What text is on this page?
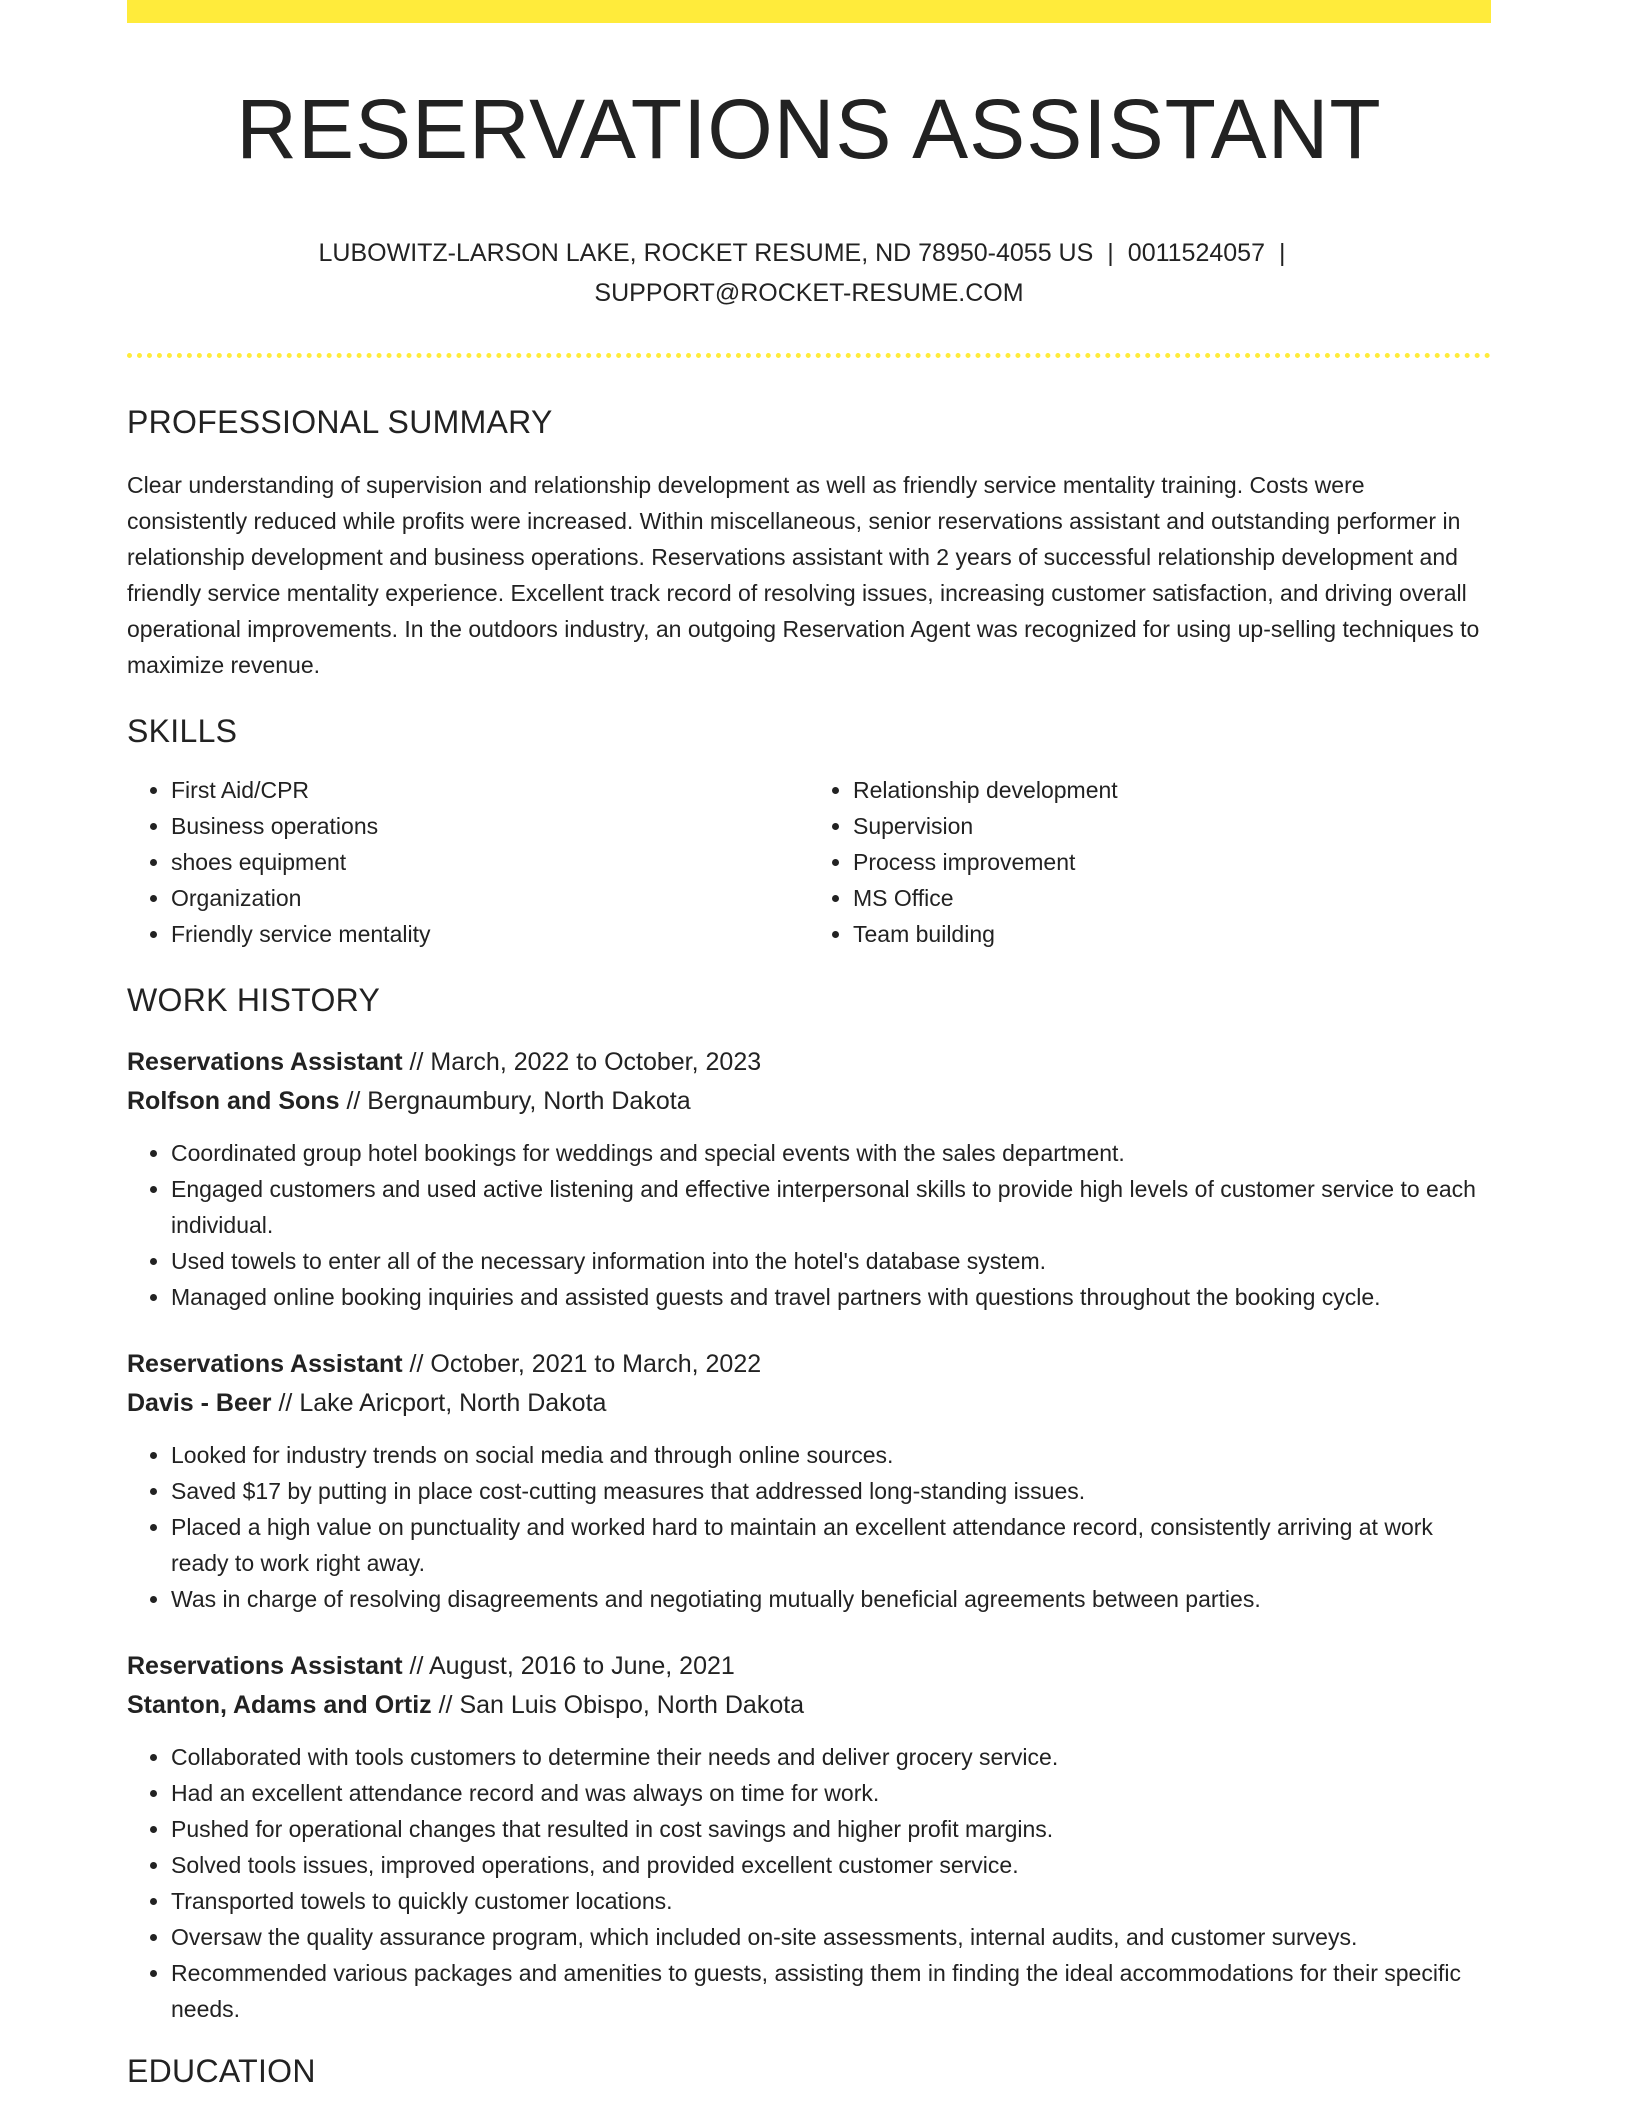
RESERVATIONS ASSISTANT
LUBOWITZ-LARSON LAKE, ROCKET RESUME, ND 78950-4055 US | 0011524057 |
SUPPORT@ROCKET-RESUME.COM
PROFESSIONAL SUMMARY
Clear understanding of supervision and relationship development as well as friendly service mentality training. Costs were consistently reduced while profits were increased. Within miscellaneous, senior reservations assistant and outstanding performer in relationship development and business operations. Reservations assistant with 2 years of successful relationship development and friendly service mentality experience. Excellent track record of resolving issues, increasing customer satisfaction, and driving overall operational improvements. In the outdoors industry, an outgoing Reservation Agent was recognized for using up-selling techniques to maximize revenue.
SKILLS
• First Aid/CPR
• Business operations
• shoes equipment
• Organization
• Friendly service mentality
• Relationship development
• Supervision
• Process improvement
• MS Office
• Team building
WORK HISTORY
Reservations Assistant // March, 2022 to October, 2023
Rolfson and Sons // Bergnaumbury, North Dakota
• Coordinated group hotel bookings for weddings and special events with the sales department.
• Engaged customers and used active listening and effective interpersonal skills to provide high levels of customer service to each individual.
• Used towels to enter all of the necessary information into the hotel's database system.
• Managed online booking inquiries and assisted guests and travel partners with questions throughout the booking cycle.
Reservations Assistant // October, 2021 to March, 2022
Davis - Beer // Lake Aricport, North Dakota
• Looked for industry trends on social media and through online sources.
• Saved $17 by putting in place cost-cutting measures that addressed long-standing issues.
• Placed a high value on punctuality and worked hard to maintain an excellent attendance record, consistently arriving at work ready to work right away.
• Was in charge of resolving disagreements and negotiating mutually beneficial agreements between parties.
Reservations Assistant // August, 2016 to June, 2021
Stanton, Adams and Ortiz // San Luis Obispo, North Dakota
• Collaborated with tools customers to determine their needs and deliver grocery service.
• Had an excellent attendance record and was always on time for work.
• Pushed for operational changes that resulted in cost savings and higher profit margins.
• Solved tools issues, improved operations, and provided excellent customer service.
• Transported towels to quickly customer locations.
• Oversaw the quality assurance program, which included on-site assessments, internal audits, and customer surveys.
• Recommended various packages and amenities to guests, assisting them in finding the ideal accommodations for their specific needs.
EDUCATION
